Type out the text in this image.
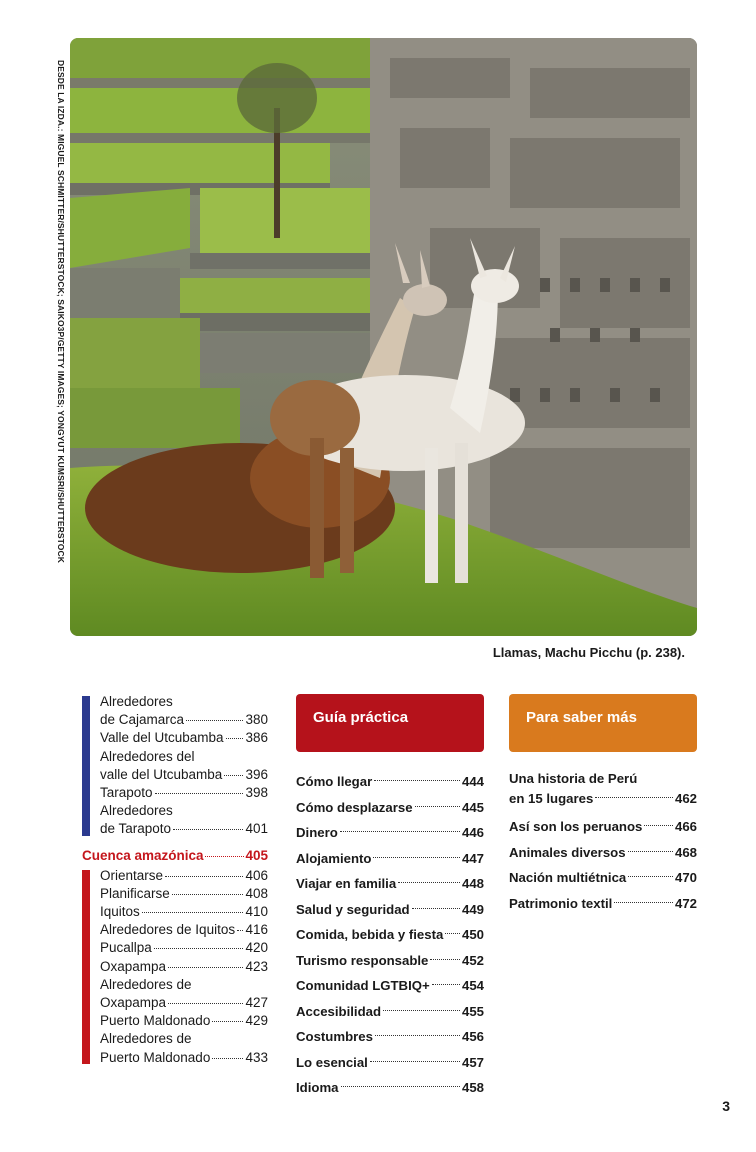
DESDE LA IZDA.: MIGUEL SCHMITTER/SHUTTERSTOCK; SAIKO3P/GETTY IMAGES; YONGYUT KUMSRI/SHUTTERSTOCK
Llamas, Machu Picchu (p. 238).
Alrededores
de Cajamarca	380
Valle del Utcubamba 386
Alrededores del
valle del Utcubamba 396
Tarapoto	398
Alrededores
de Tarapoto	401
Cuenca amazónica	405
Orientarse	406
Planificarse	408
Iquitos	410
Alrededores de Iquitos 416
Pucallpa	420
Oxapampa	423
Alrededores de
Oxapampa	427
Puerto Maldonado	429
Alrededores de
Puerto Maldonado	433
Guía práctica
Cómo llegar	444
Cómo desplazarse	445
Dinero	446
Alojamiento	447
Viajar en familia	448
Salud y seguridad	449
Comida, bebida y fiesta 450
Turismo responsable	452
Comunidad LGTBIQ+ 454
Accesibilidad	455
Costumbres	456
Lo esencial	457
Idioma	458
Para saber más
Una historia de Perú
en 15 lugares	462
Así son los peruanos 466
Animales diversos	468
Nación multiétnica	470
Patrimonio textil	472
3
